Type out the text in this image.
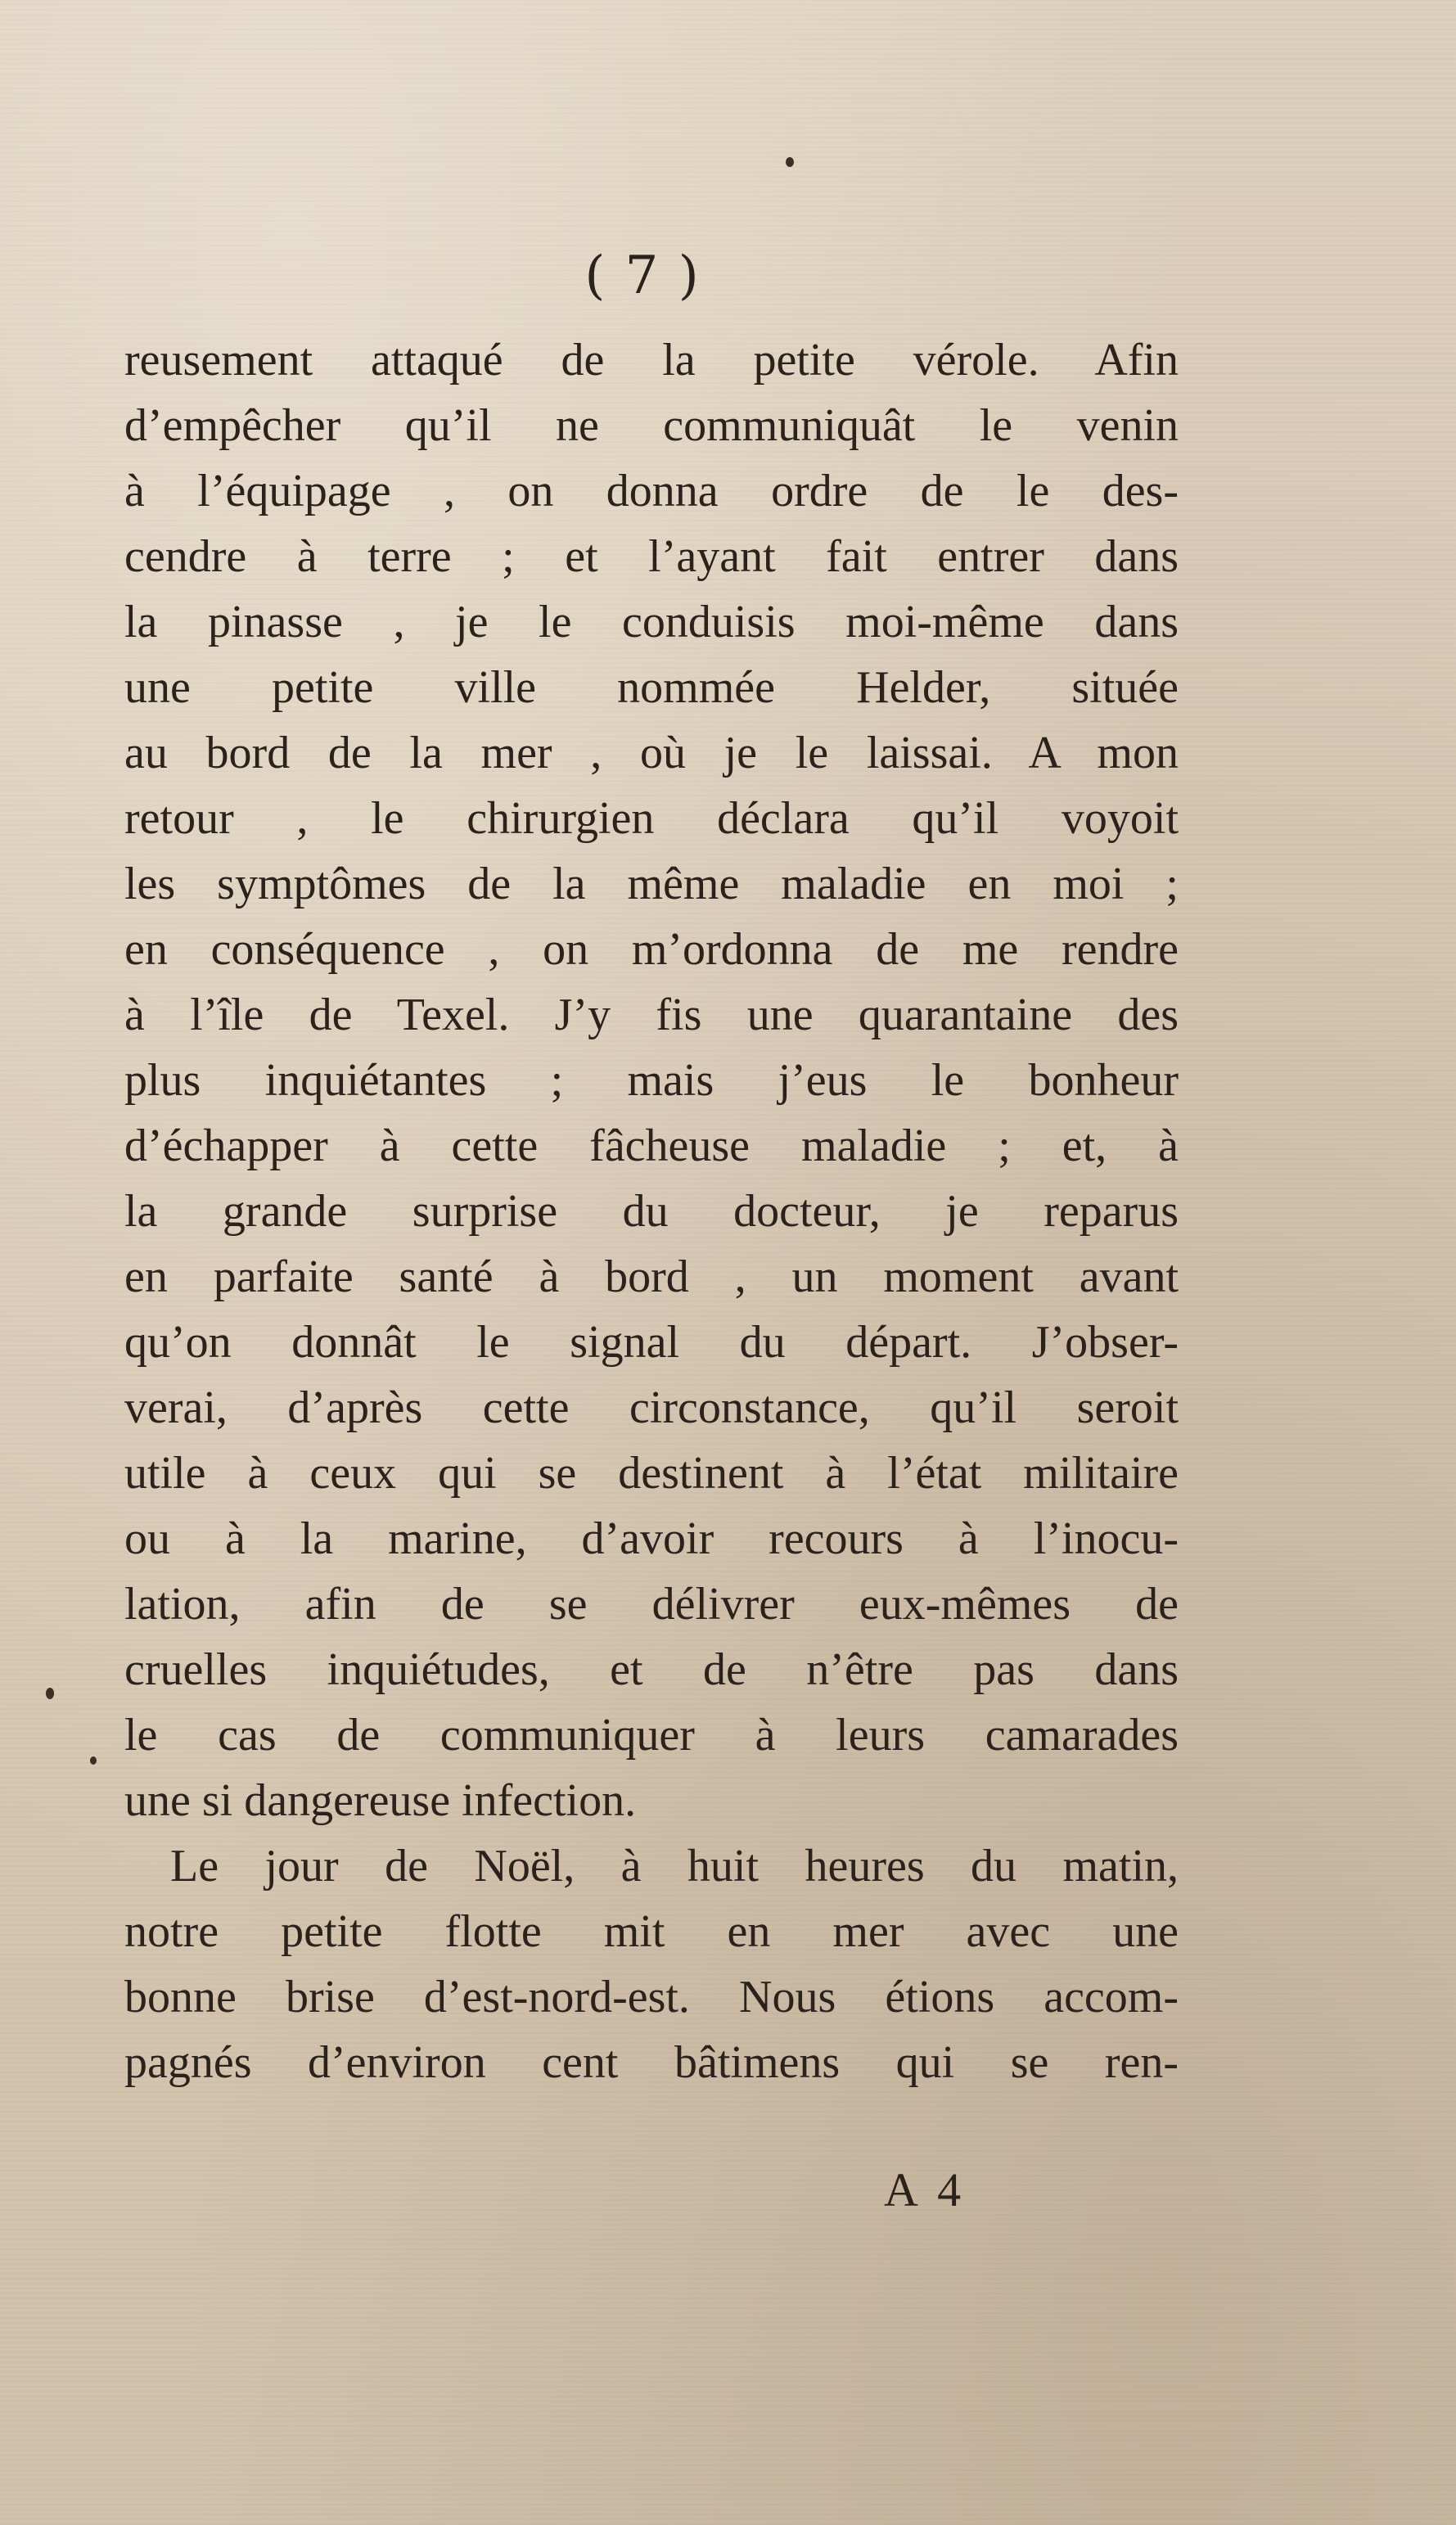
( 7 )
reusement attaqué de la petite vérole. Afin
d’empêcher qu’il ne communiquât le venin
à l’équipage , on donna ordre de le des-
cendre à terre ; et l’ayant fait entrer dans
la pinasse , je le conduisis moi-même dans
une petite ville nommée Helder, située
au bord de la mer , où je le laissai. A mon
retour , le chirurgien déclara qu’il voyoit
les symptômes de la même maladie en moi ;
en conséquence , on m’ordonna de me rendre
à l’île de Texel. J’y fis une quarantaine des
plus inquiétantes ; mais j’eus le bonheur
d’échapper à cette fâcheuse maladie ; et, à
la grande surprise du docteur, je reparus
en parfaite santé à bord , un moment avant
qu’on donnât le signal du départ. J’obser-
verai, d’après cette circonstance, qu’il seroit
utile à ceux qui se destinent à l’état militaire
ou à la marine, d’avoir recours à l’inocu-
lation, afin de se délivrer eux-mêmes de
cruelles inquiétudes, et de n’être pas dans
le cas de communiquer à leurs camarades
une si dangereuse infection.
Le jour de Noël, à huit heures du matin,
notre petite flotte mit en mer avec une
bonne brise d’est-nord-est. Nous étions accom-
pagnés d’environ cent bâtimens qui se ren-
A 4
